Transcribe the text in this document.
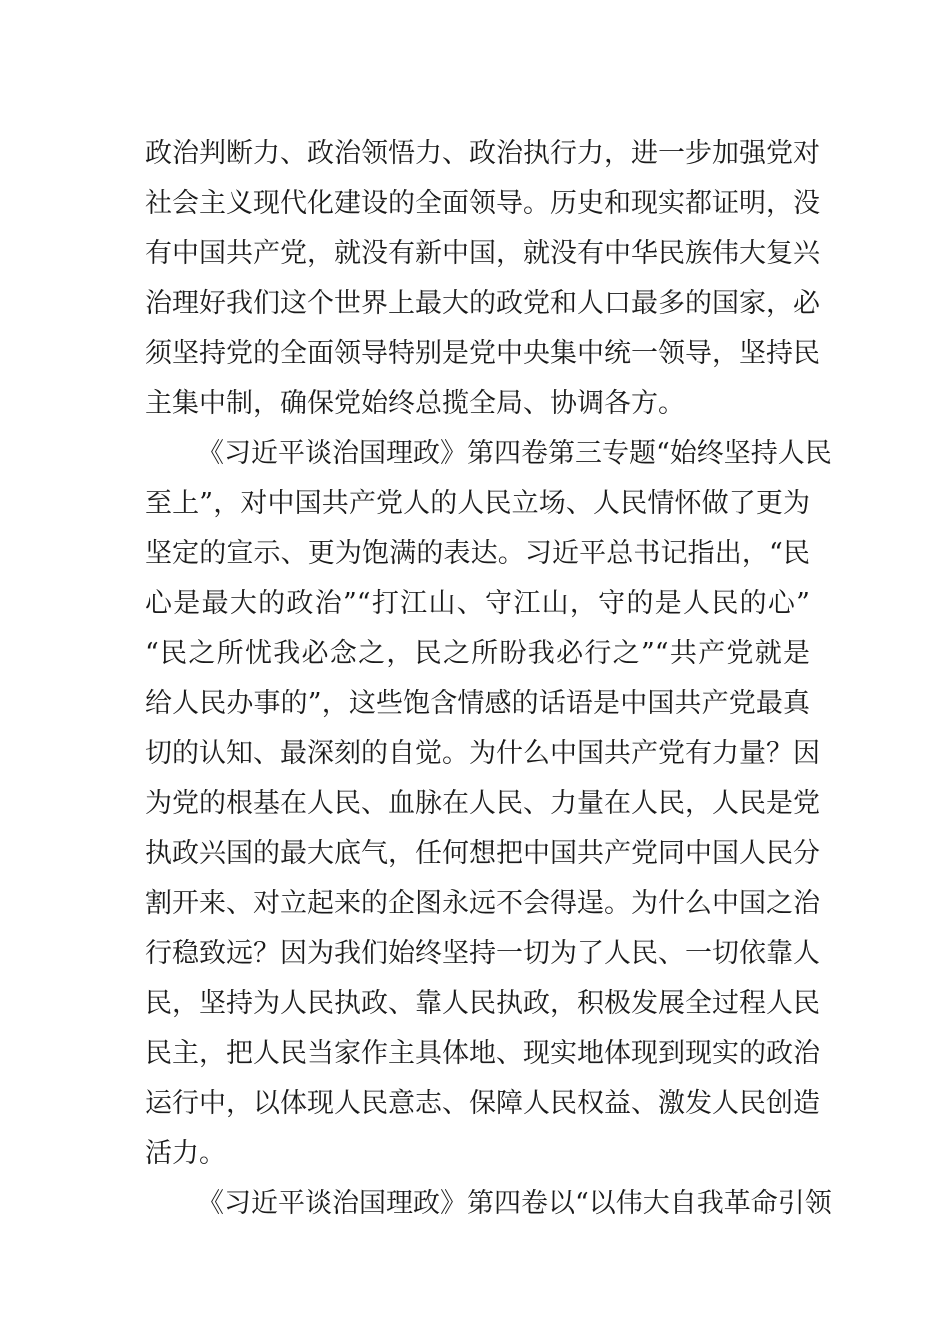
政治判断力、政治领悟力、政治执行力，进一步加强党对
社会主义现代化建设的全面领导。历史和现实都证明，没
有中国共产党，就没有新中国，就没有中华民族伟大复兴
治理好我们这个世界上最大的政党和人口最多的国家，必
须坚持党的全面领导特别是党中央集中统一领导，坚持民
主集中制，确保党始终总揽全局、协调各方。
《习近平谈治国理政》第四卷第三专题“始终坚持人民
至上”，对中国共产党人的人民立场、人民情怀做了更为
坚定的宣示、更为饱满的表达。习近平总书记指出，“民
心是最大的政治”“打江山、守江山，守的是人民的心”
“民之所忧我必念之，民之所盼我必行之”“共产党就是
给人民办事的”，这些饱含情感的话语是中国共产党最真
切的认知、最深刻的自觉。为什么中国共产党有力量？因
为党的根基在人民、血脉在人民、力量在人民，人民是党
执政兴国的最大底气，任何想把中国共产党同中国人民分
割开来、对立起来的企图永远不会得逞。为什么中国之治
行稳致远？因为我们始终坚持一切为了人民、一切依靠人
民，坚持为人民执政、靠人民执政，积极发展全过程人民
民主，把人民当家作主具体地、现实地体现到现实的政治
运行中，以体现人民意志、保障人民权益、激发人民创造
活力。
《习近平谈治国理政》第四卷以“以伟大自我革命引领
